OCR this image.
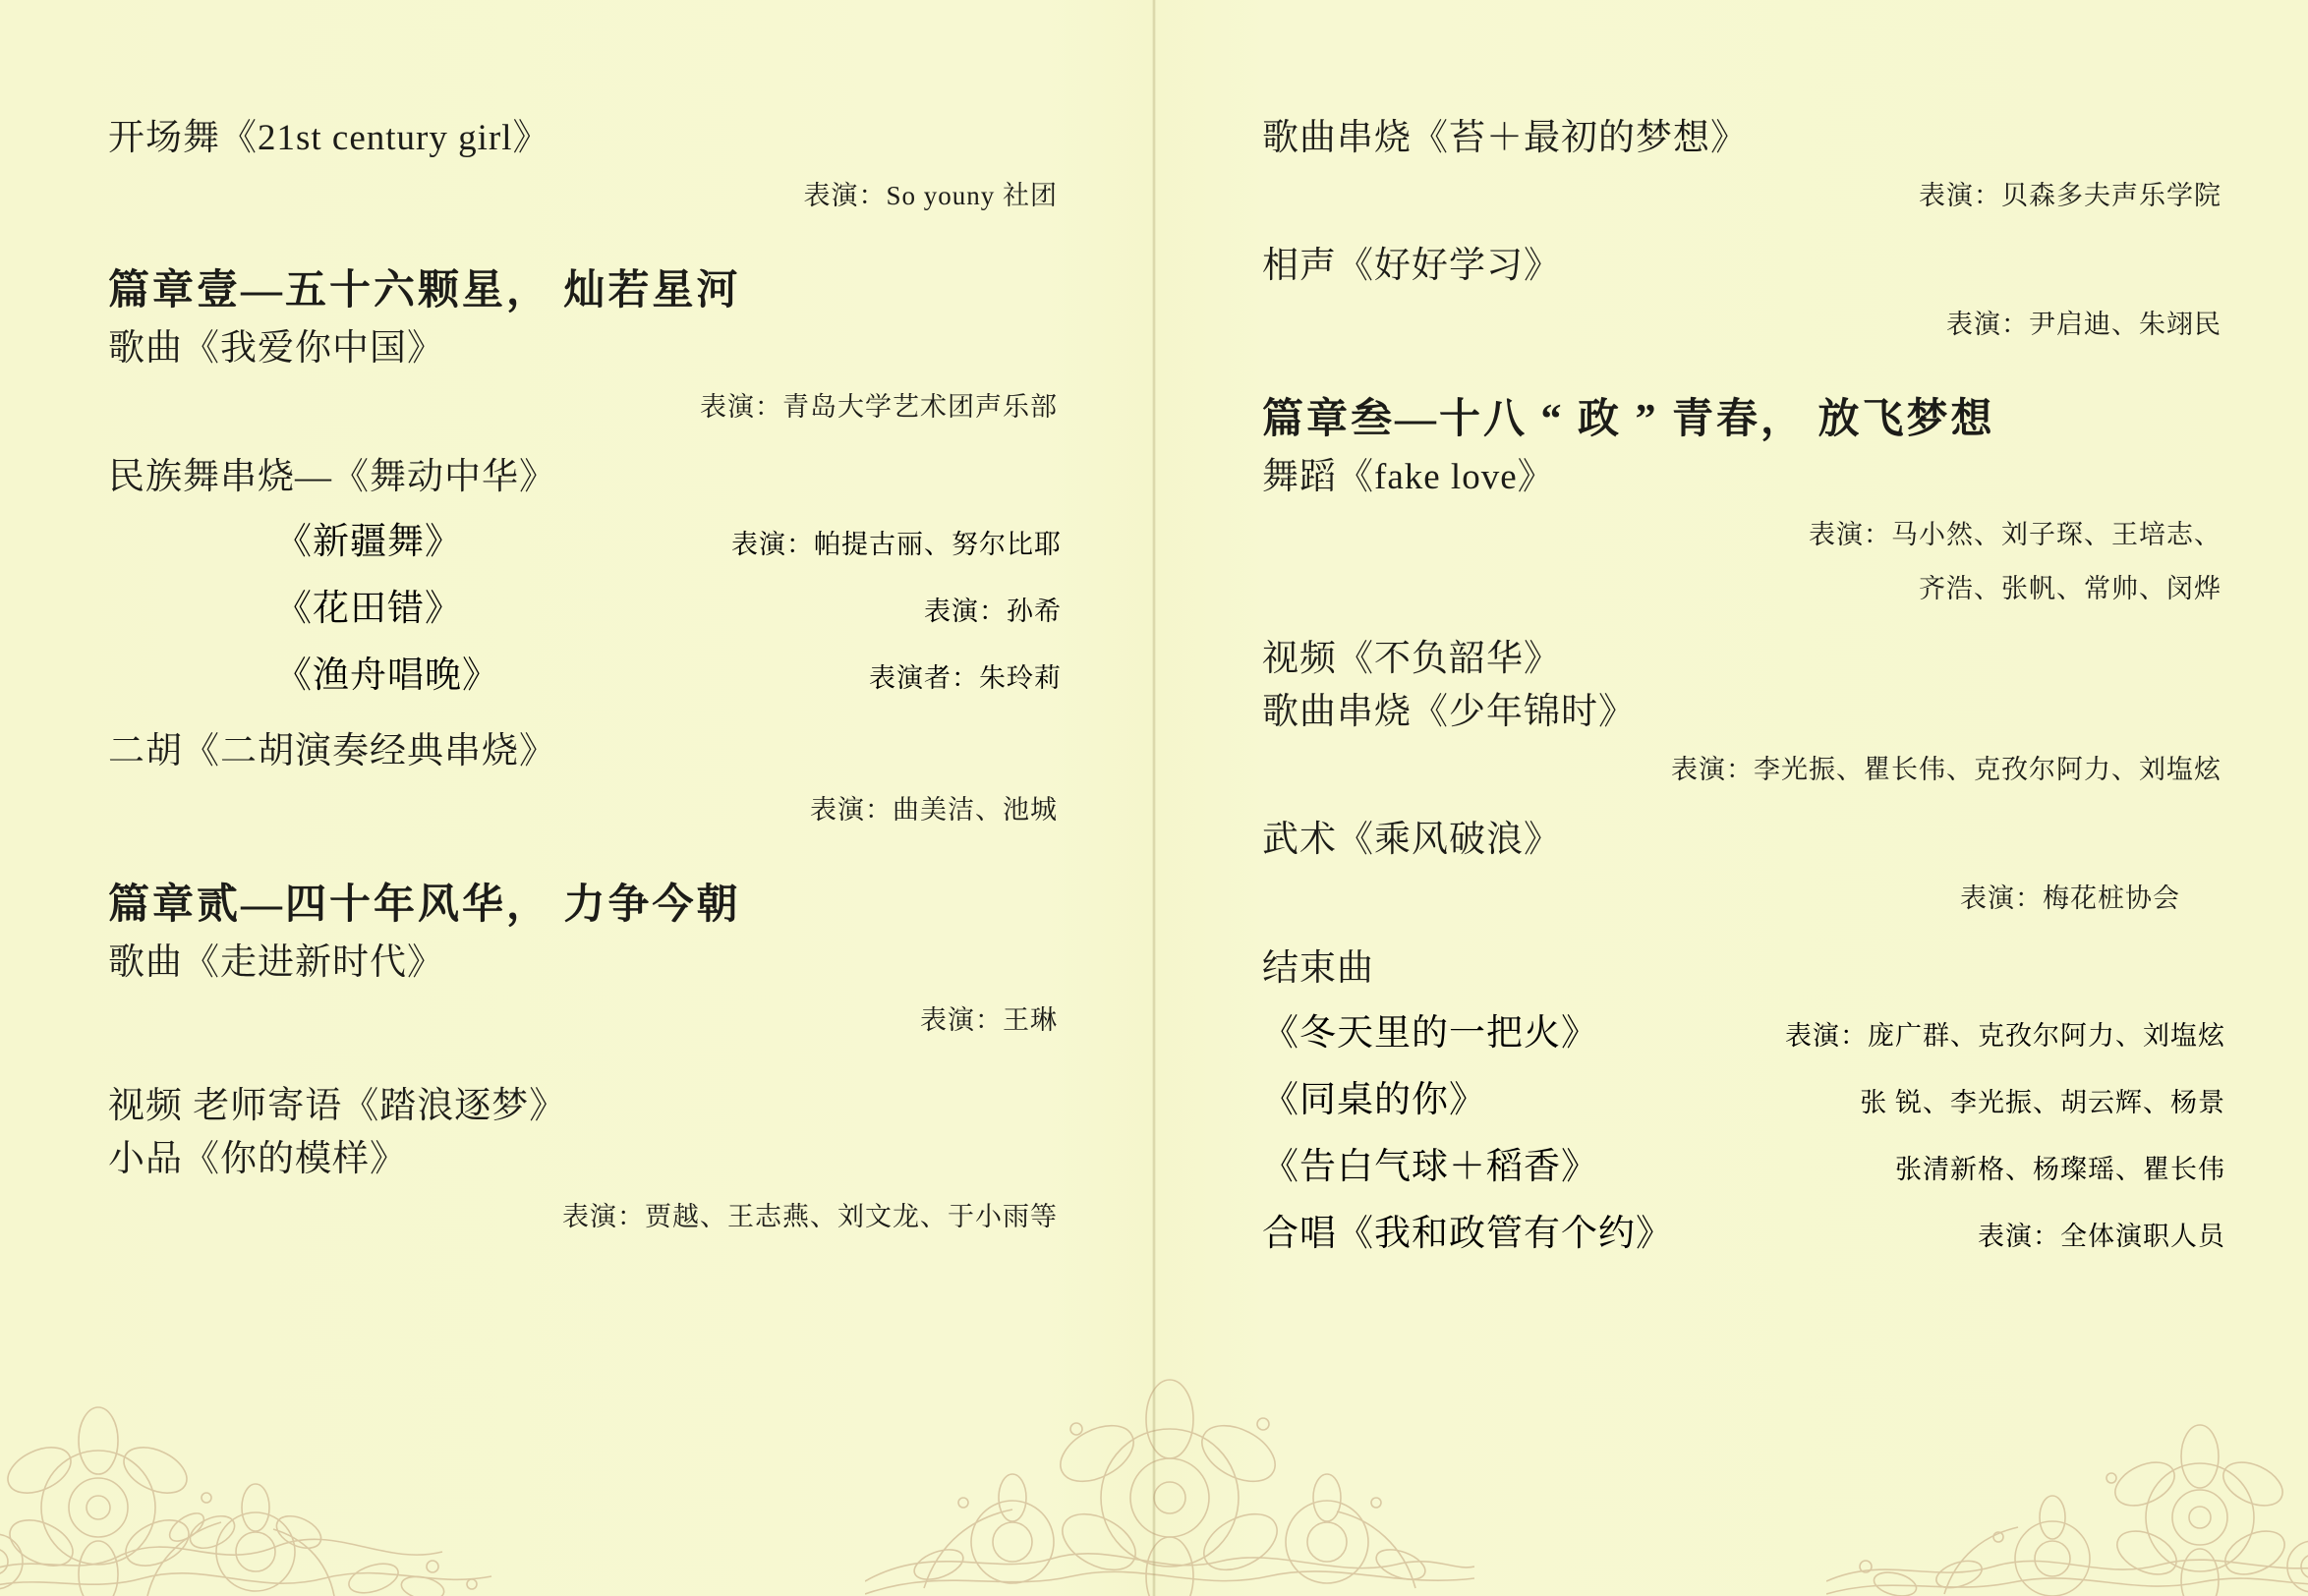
开场舞《21st century girl》
表演：So youny 社团
篇章壹—五十六颗星， 灿若星河
歌曲《我爱你中国》
表演：青岛大学艺术团声乐部
民族舞串烧—《舞动中华》
《新疆舞》	表演：帕提古丽、努尔比耶
《花田错》	表演：孙希
《渔舟唱晚》	表演者：朱玲莉
二胡《二胡演奏经典串烧》
表演：曲美洁、池城
篇章贰—四十年风华， 力争今朝
歌曲《走进新时代》
表演：王琳
视频 老师寄语《踏浪逐梦》
小品《你的模样》
表演：贾越、王志燕、刘文龙、于小雨等
歌曲串烧《苔＋最初的梦想》
表演：贝森多夫声乐学院
相声《好好学习》
表演：尹启迪、朱翊民
篇章叁—十八 “ 政 ” 青春， 放飞梦想
舞蹈《fake love》
表演：马小然、刘子琛、王培志、
齐浩、张帆、常帅、闵烨
视频《不负韶华》
歌曲串烧《少年锦时》
表演：李光振、瞿长伟、克孜尔阿力、刘塩炫
武术《乘风破浪》
表演：梅花桩协会
结束曲
《冬天里的一把火》	表演：庞广群、克孜尔阿力、刘塩炫
《同桌的你》	张 锐、李光振、胡云辉、杨景
《告白气球＋稻香》	张清新格、杨璨瑶、瞿长伟
合唱《我和政管有个约》	表演：全体演职人员
